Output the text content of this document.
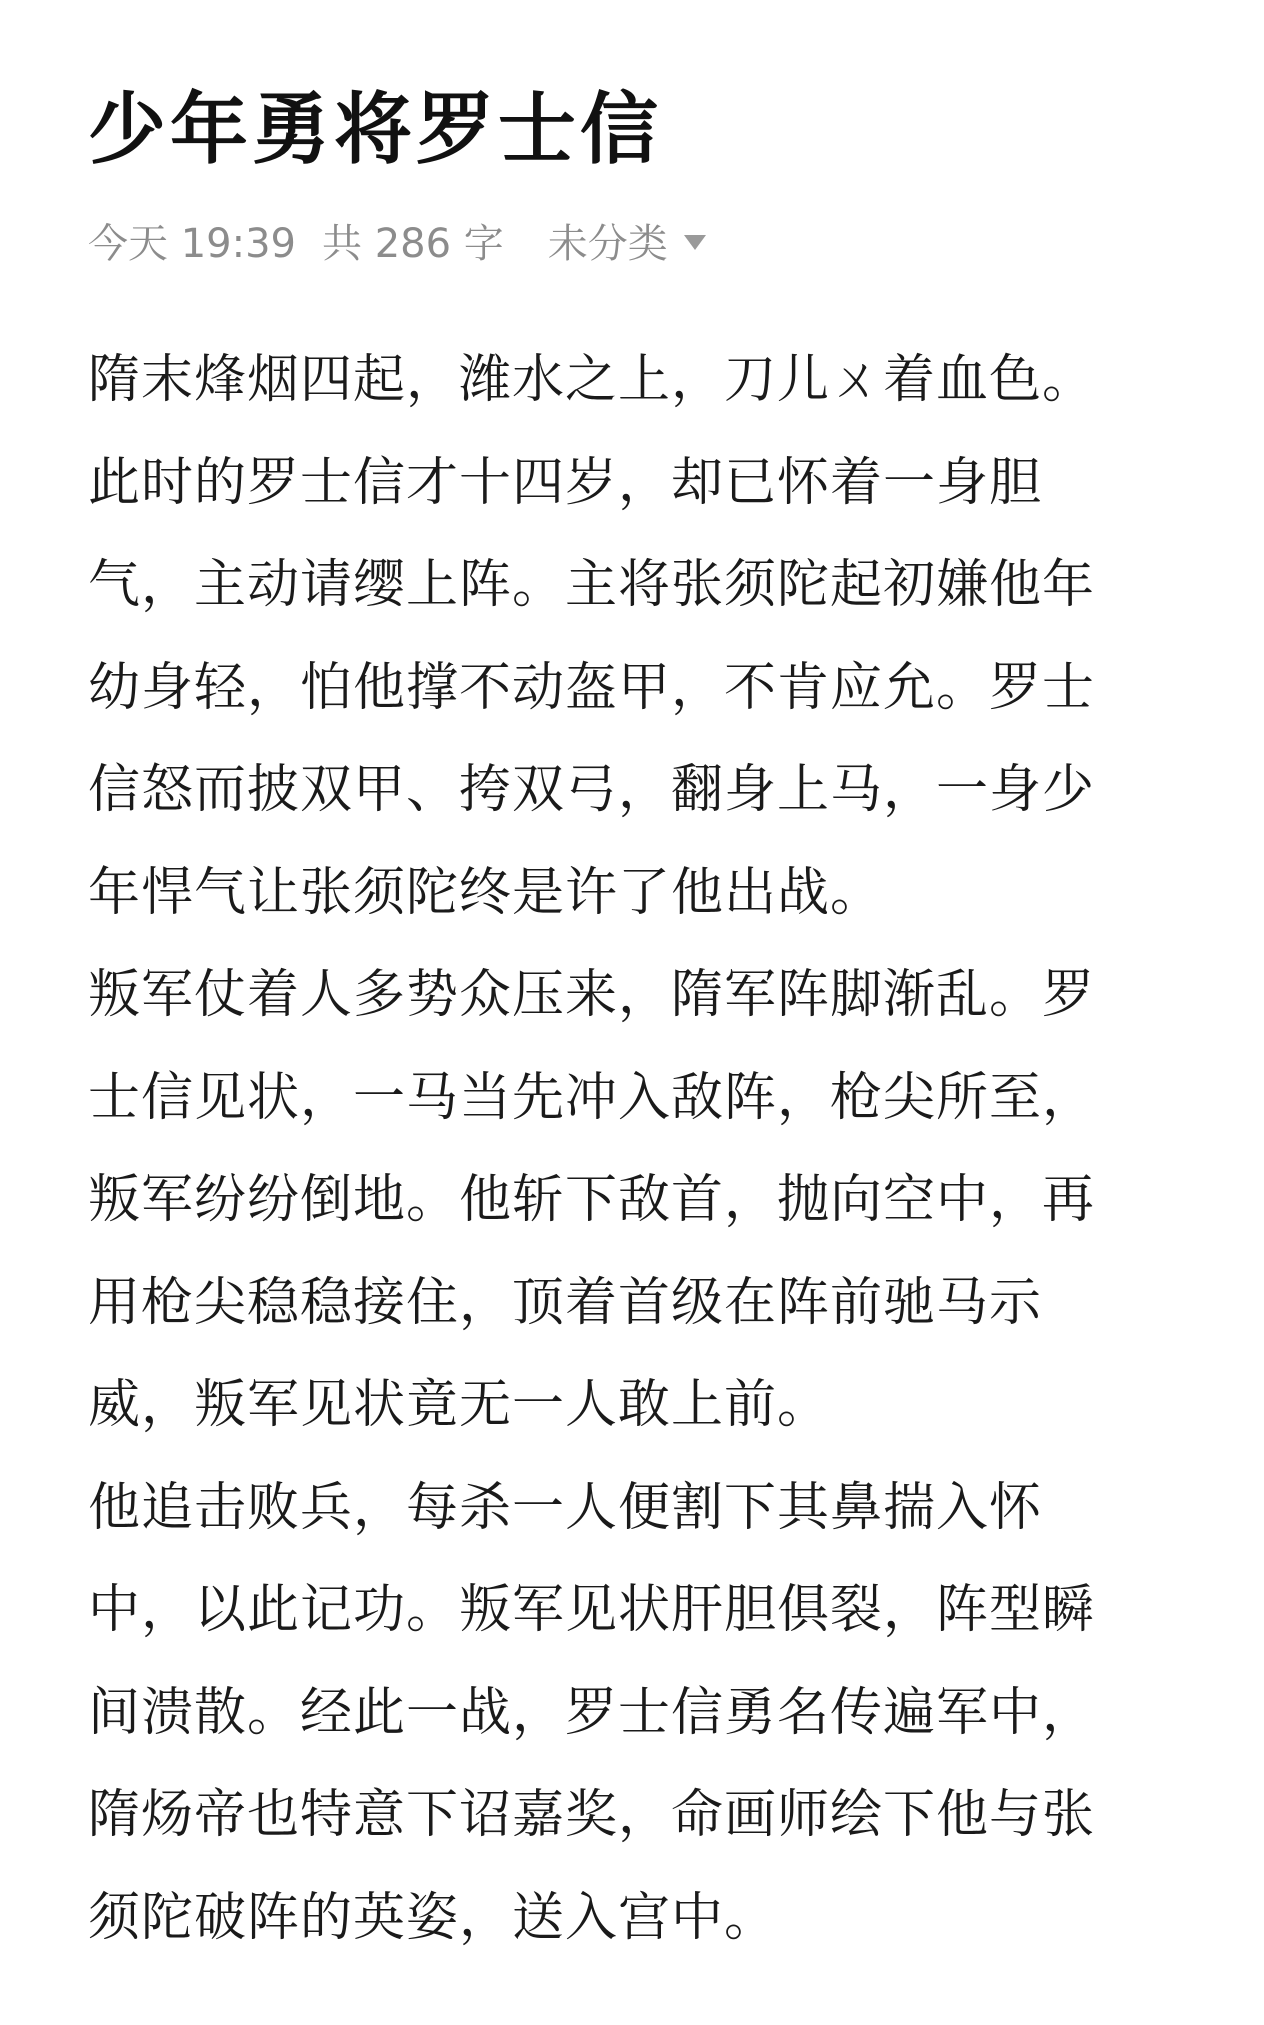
少年勇将罗士信
今天 19:39 共 286 字 未分类

隋末烽烟四起，潍水之上，刀儿ㄨ着血色。
此时的罗士信才十四岁，却已怀着一身胆
气，主动请缨上阵。主将张须陀起初嫌他年
幼身轻，怕他撑不动盔甲，不肯应允。罗士
信怒而披双甲、挎双弓，翻身上马，一身少
年悍气让张须陀终是许了他出战。

叛军仗着人多势众压来，隋军阵脚渐乱。罗
士信见状，一马当先冲入敌阵，枪尖所至，
叛军纷纷倒地。他斩下敌首，抛向空中，再
用枪尖稳稳接住，顶着首级在阵前驰马示
威，叛军见状竟无一人敢上前。

他追击败兵，每杀一人便割下其鼻揣入怀
中，以此记功。叛军见状肝胆俱裂，阵型瞬
间溃散。经此一战，罗士信勇名传遍军中，
隋炀帝也特意下诏嘉奖，命画师绘下他与张
须陀破阵的英姿，送入宫中。
